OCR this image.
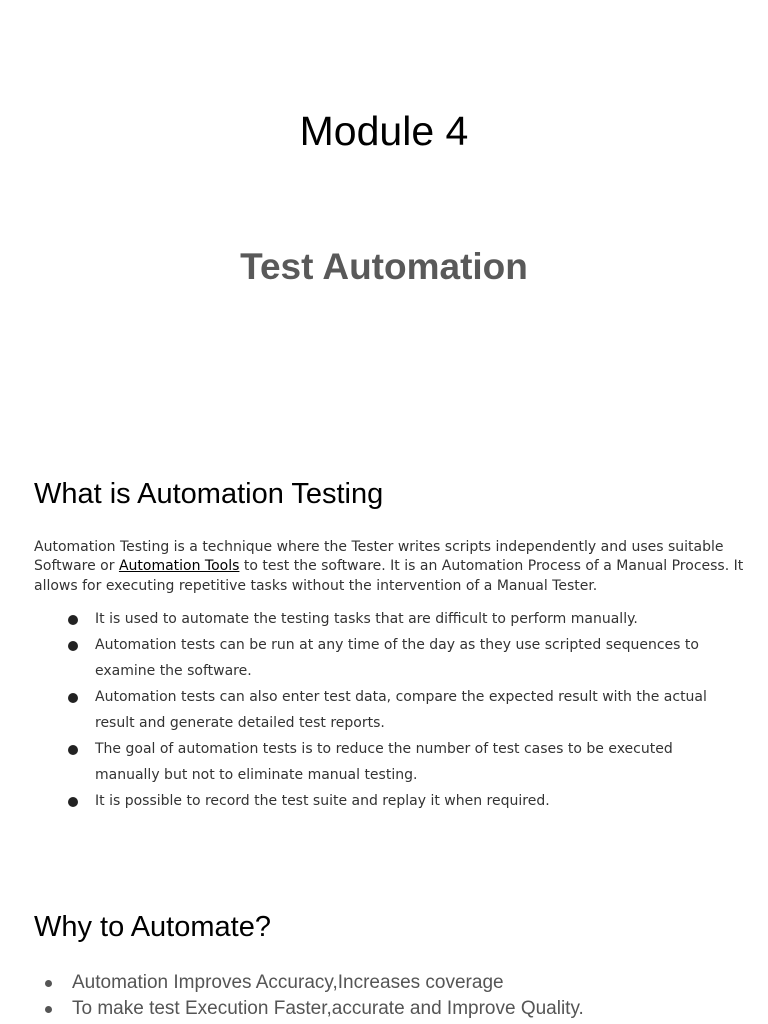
Module 4
Test Automation
What is Automation Testing

Automation Testing is a technique where the Tester writes scripts independently and uses suitable Software or Automation Tools to test the software. It is an Automation Process of a Manual Process. It allows for executing repetitive tasks without the intervention of a Manual Tester.

It is used to automate the testing tasks that are difficult to perform manually.
Automation tests can be run at any time of the day as they use scripted sequences to examine the software.
Automation tests can also enter test data, compare the expected result with the actual result and generate detailed test reports.
The goal of automation tests is to reduce the number of test cases to be executed manually but not to eliminate manual testing.
It is possible to record the test suite and replay it when required.
Why to Automate?
Automation Improves Accuracy,Increases coverage
To make test Execution Faster,accurate and Improve Quality.
